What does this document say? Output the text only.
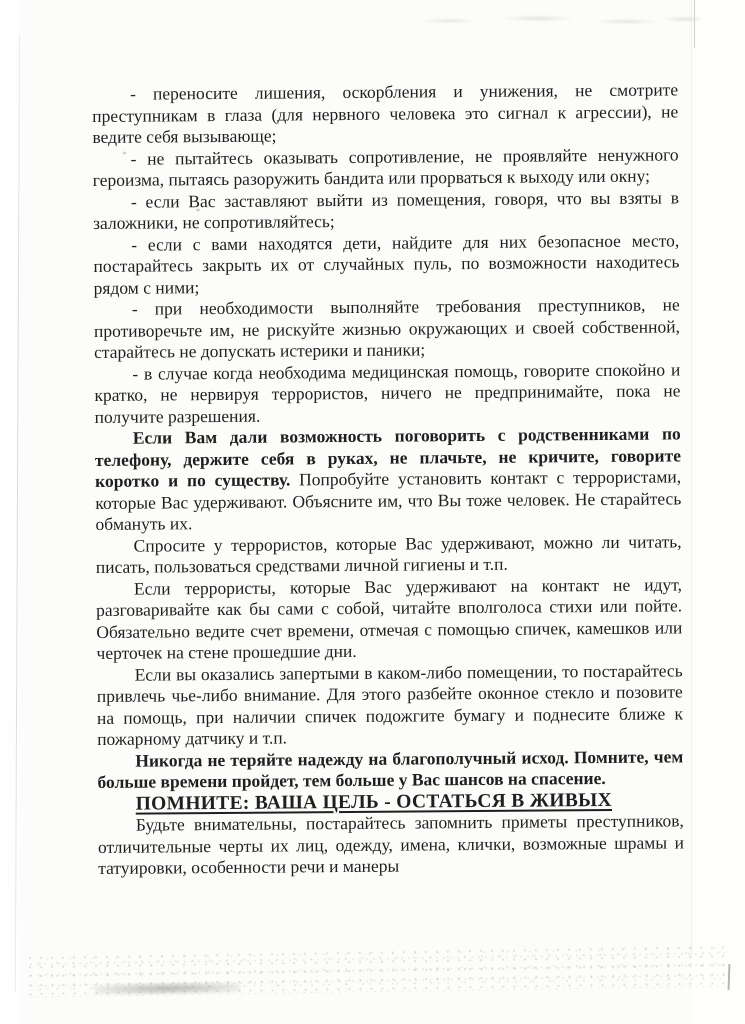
- переносите лишения, оскорбления и унижения, не смотрите преступникам в глаза (для нервного человека это сигнал к агрессии), не ведите себя вызывающе;

- не пытайтесь оказывать сопротивление, не проявляйте ненужного героизма, пытаясь разоружить бандита или прорваться к выходу или окну;

- если Вас заставляют выйти из помещения, говоря, что вы взяты в заложники, не сопротивляйтесь;

- если с вами находятся дети, найдите для них безопасное место, постарайтесь закрыть их от случайных пуль, по возможности находитесь рядом с ними;

- при необходимости выполняйте требования преступников, не противоречьте им, не рискуйте жизнью окружающих и своей собственной, старайтесь не допускать истерики и паники;

- в случае когда необходима медицинская помощь, говорите спокойно и кратко, не нервируя террористов, ничего не предпринимайте, пока не получите разрешения.

Если Вам дали возможность поговорить с родственниками по телефону, держите себя в руках, не плачьте, не кричите, говорите коротко и по существу. Попробуйте установить контакт с террористами, которые Вас удерживают. Объясните им, что Вы тоже человек. Не старайтесь обмануть их.

Спросите у террористов, которые Вас удерживают, можно ли читать, писать, пользоваться средствами личной гигиены и т.п.

Если террористы, которые Вас удерживают на контакт не идут, разговаривайте как бы сами с собой, читайте вполголоса стихи или пойте. Обязательно ведите счет времени, отмечая с помощью спичек, камешков или черточек на стене прошедшие дни.

Если вы оказались запертыми в каком-либо помещении, то постарайтесь привлечь чье-либо внимание. Для этого разбейте оконное стекло и позовите на помощь, при наличии спичек подожгите бумагу и поднесите ближе к пожарному датчику и т.п.

Никогда не теряйте надежду на благополучный исход. Помните, чем больше времени пройдет, тем больше у Вас шансов на спасение.

ПОМНИТЕ: ВАША ЦЕЛЬ - ОСТАТЬСЯ В ЖИВЫХ

Будьте внимательны, постарайтесь запомнить приметы преступников, отличительные черты их лиц, одежду, имена, клички, возможные шрамы и татуировки, особенности речи и манеры
